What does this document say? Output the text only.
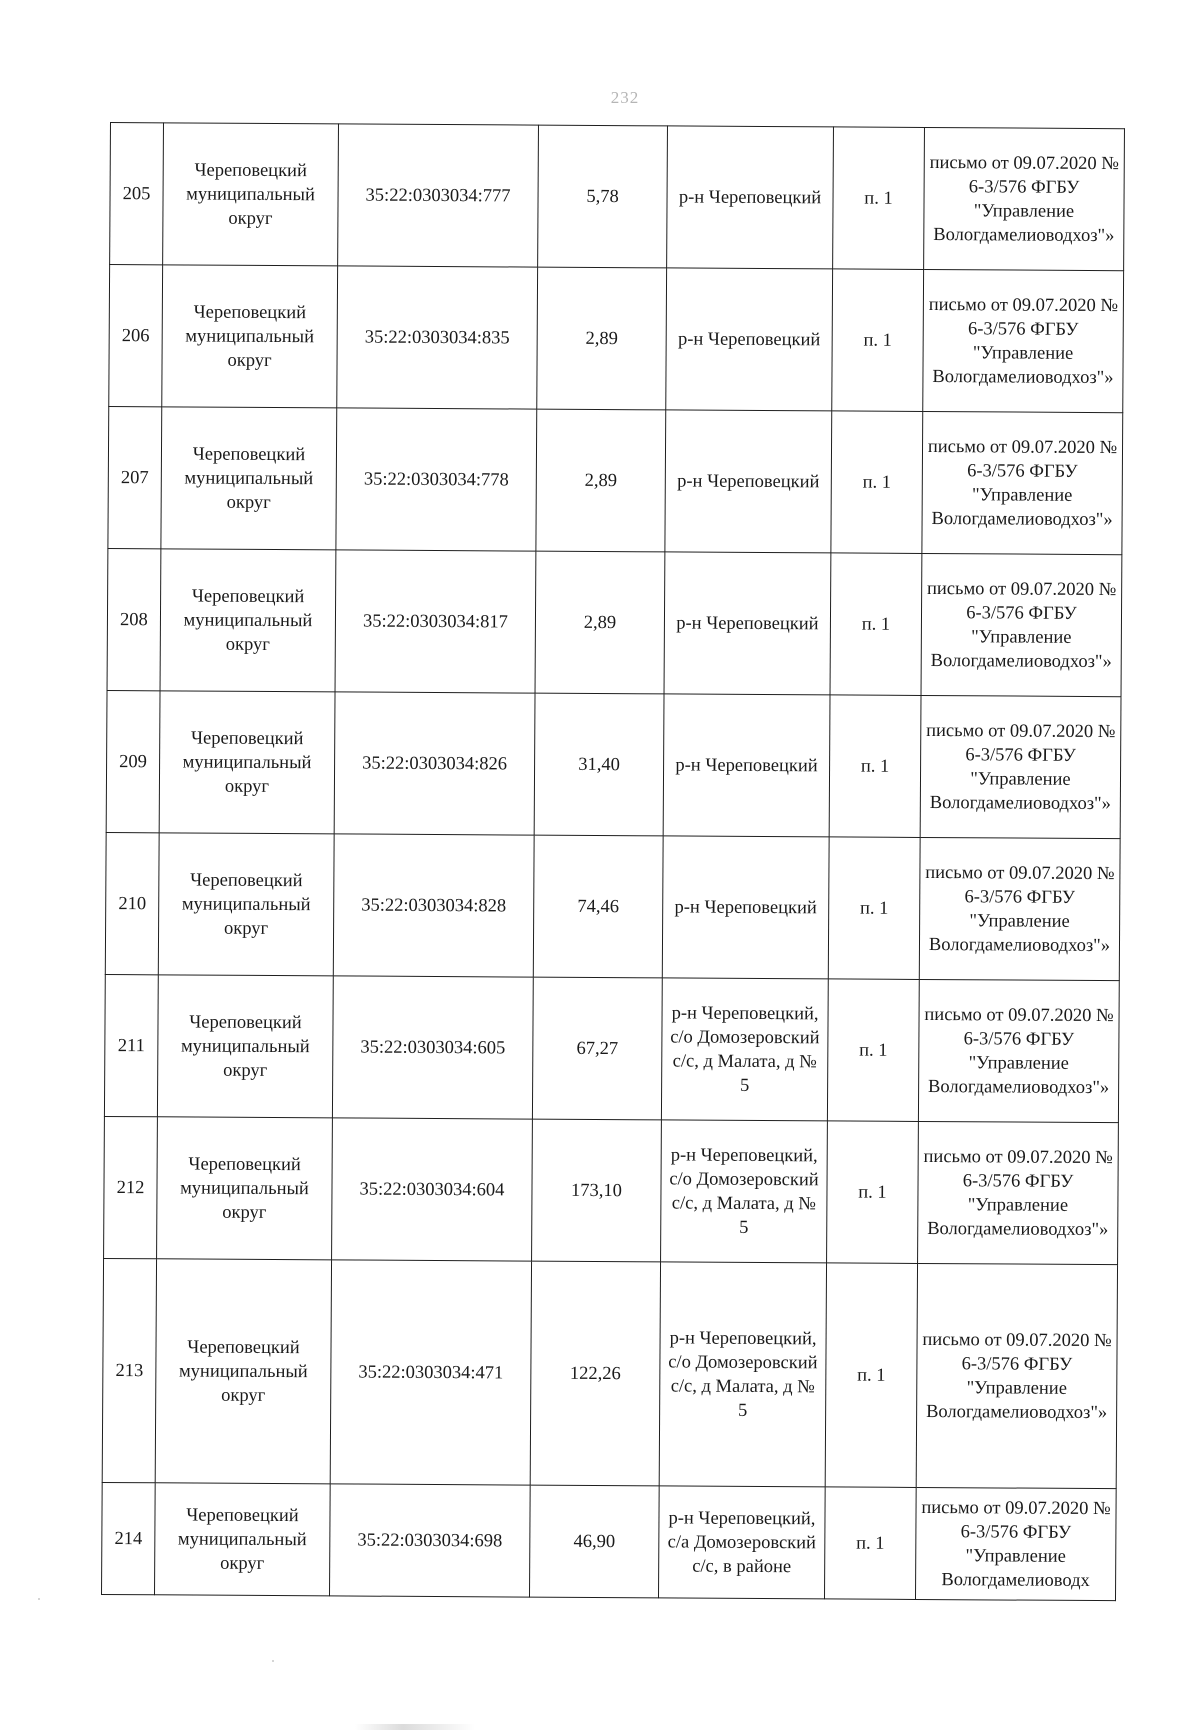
232
205	Череповецкий муниципальный округ	35:22:0303034:777	5,78	р-н Череповецкий	п. 1	письмо от 09.07.2020 № 6-3/576 ФГБУ "Управление Вологдамелиоводхоз"»
206	Череповецкий муниципальный округ	35:22:0303034:835	2,89	р-н Череповецкий	п. 1	письмо от 09.07.2020 № 6-3/576 ФГБУ "Управление Вологдамелиоводхоз"»
207	Череповецкий муниципальный округ	35:22:0303034:778	2,89	р-н Череповецкий	п. 1	письмо от 09.07.2020 № 6-3/576 ФГБУ "Управление Вологдамелиоводхоз"»
208	Череповецкий муниципальный округ	35:22:0303034:817	2,89	р-н Череповецкий	п. 1	письмо от 09.07.2020 № 6-3/576 ФГБУ "Управление Вологдамелиоводхоз"»
209	Череповецкий муниципальный округ	35:22:0303034:826	31,40	р-н Череповецкий	п. 1	письмо от 09.07.2020 № 6-3/576 ФГБУ "Управление Вологдамелиоводхоз"»
210	Череповецкий муниципальный округ	35:22:0303034:828	74,46	р-н Череповецкий	п. 1	письмо от 09.07.2020 № 6-3/576 ФГБУ "Управление Вологдамелиоводхоз"»
211	Череповецкий муниципальный округ	35:22:0303034:605	67,27	р-н Череповецкий, с/о Домозеровский с/с, д Малата, д № 5	п. 1	письмо от 09.07.2020 № 6-3/576 ФГБУ "Управление Вологдамелиоводхоз"»
212	Череповецкий муниципальный округ	35:22:0303034:604	173,10	р-н Череповецкий, с/о Домозеровский с/с, д Малата, д № 5	п. 1	письмо от 09.07.2020 № 6-3/576 ФГБУ "Управление Вологдамелиоводхоз"»
213	Череповецкий муниципальный округ	35:22:0303034:471	122,26	р-н Череповецкий, с/о Домозеровский с/с, д Малата, д № 5	п. 1	письмо от 09.07.2020 № 6-3/576 ФГБУ "Управление Вологдамелиоводхоз"»
214	Череповецкий муниципальный округ	35:22:0303034:698	46,90	р-н Череповецкий, с/а Домозеровский с/с, в районе	п. 1	письмо от 09.07.2020 № 6-3/576 ФГБУ "Управление Вологдамелиоводх
